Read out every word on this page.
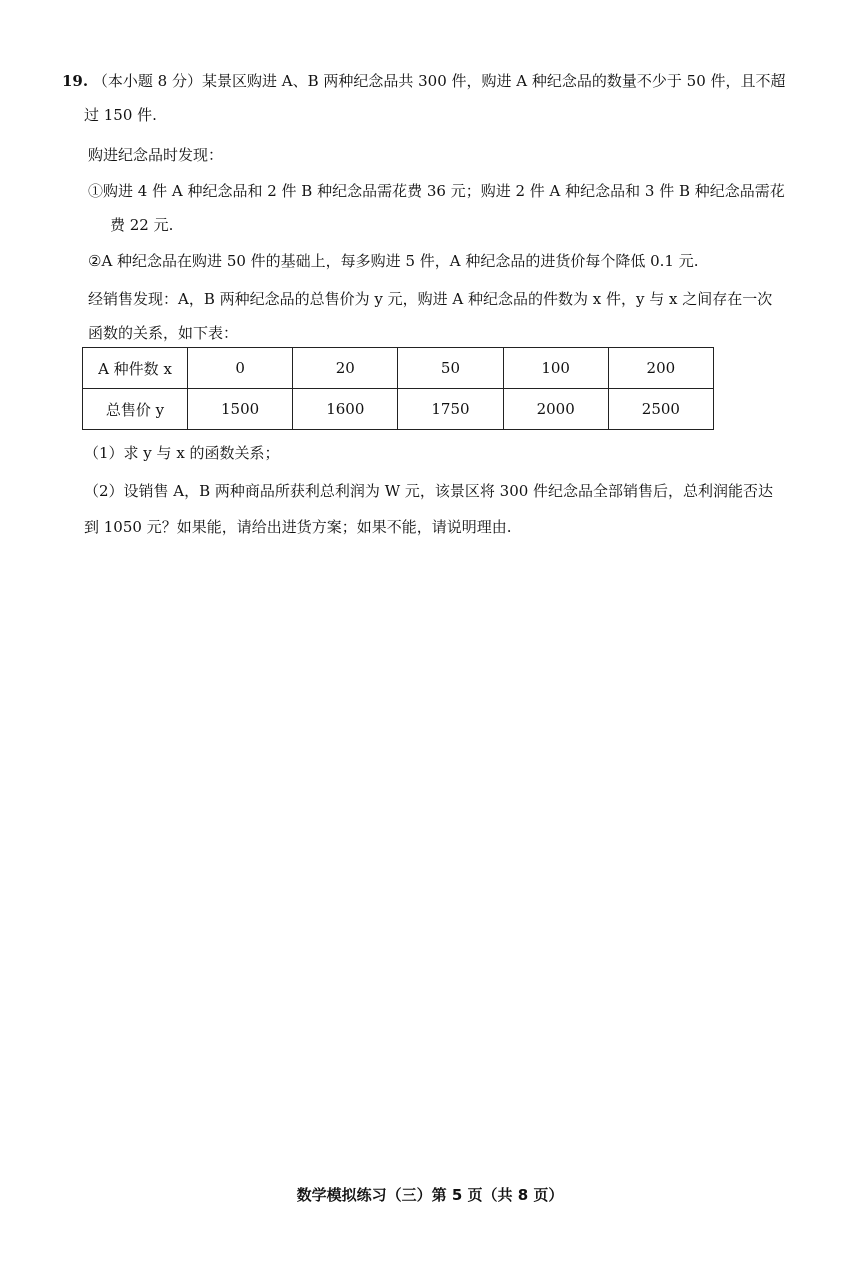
19. （本小题 8 分）某景区购进 A、B 两种纪念品共 300 件，购进 A 种纪念品的数量不少于 50 件，且不超
过 150 件.
购进纪念品时发现：
①购进 4 件 A 种纪念品和 2 件 B 种纪念品需花费 36 元；购进 2 件 A 种纪念品和 3 件 B 种纪念品需花
费 22 元.
②A 种纪念品在购进 50 件的基础上，每多购进 5 件，A 种纪念品的进货价每个降低 0.1 元.
经销售发现：A，B 两种纪念品的总售价为 y 元，购进 A 种纪念品的件数为 x 件，y 与 x 之间存在一次
函数的关系，如下表：
A 种件数 x	0	20	50	100	200
总售价 y	1500	1600	1750	2000	2500
（1）求 y 与 x 的函数关系；
（2）设销售 A，B 两种商品所获利总利润为 W 元，该景区将 300 件纪念品全部销售后，总利润能否达
到 1050 元？如果能，请给出进货方案；如果不能，请说明理由.
数学模拟练习（三）第 5 页（共 8 页）
